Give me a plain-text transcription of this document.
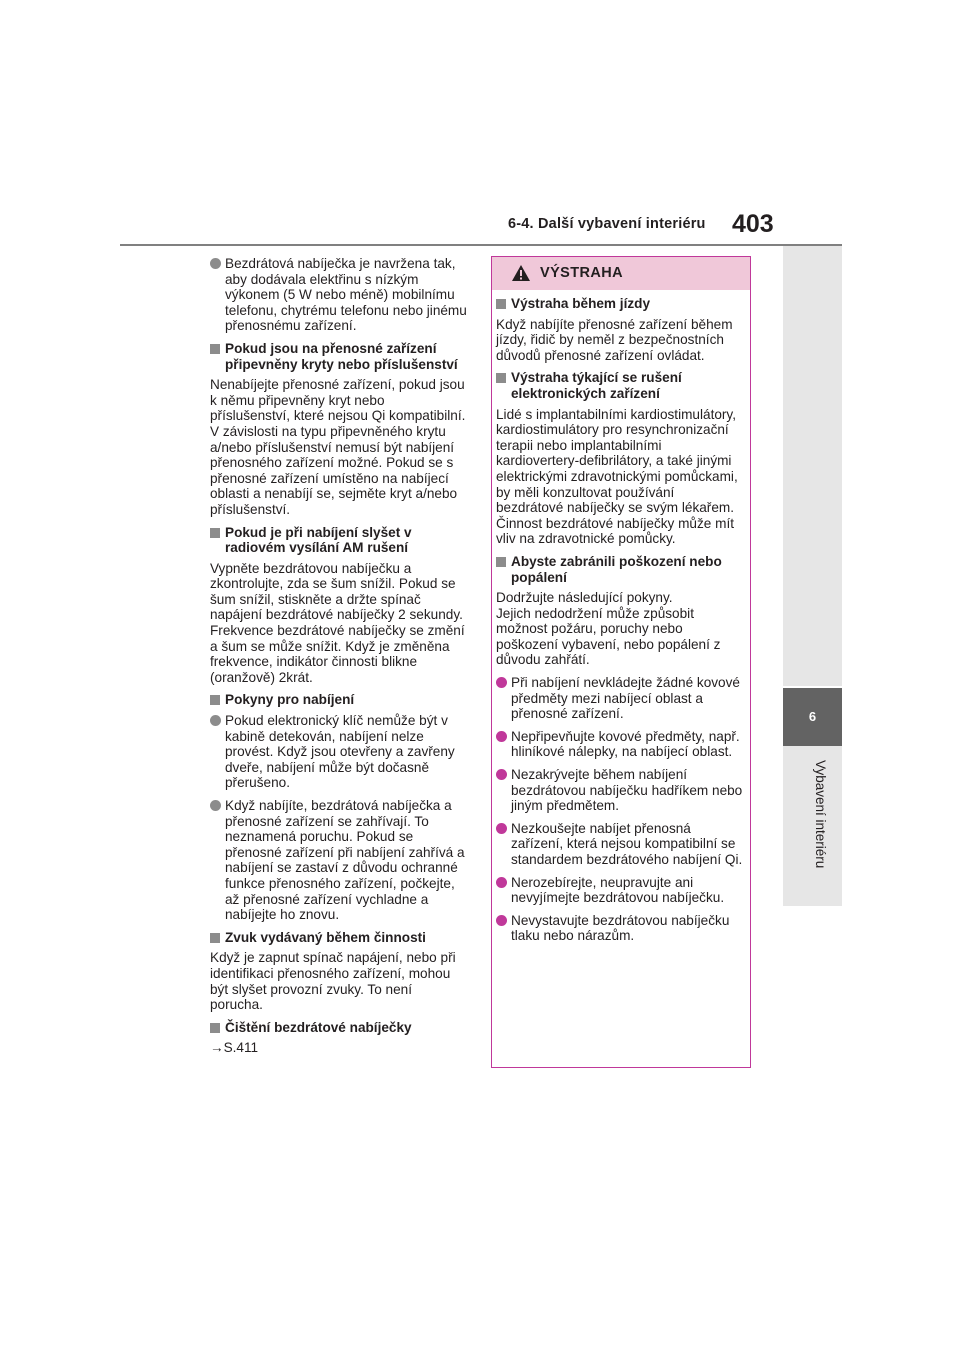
6-4. Další vybavení interiéru 403
6
Vybavení interiéru
Bezdrátová nabíječka je navržena tak, aby dodávala elektřinu s nízkým výkonem (5 W nebo méně) mobilnímu telefonu, chytrému telefonu nebo jinému přenosnému zařízení.
Pokud jsou na přenosné zařízení připevněny kryty nebo příslušenství

Nenabíjejte přenosné zařízení, pokud jsou k němu připevněny kryt nebo příslušenství, které nejsou Qi kompatibilní. V závislosti na typu připevněného krytu a/nebo příslušenství nemusí být nabíjení přenosného zařízení možné. Pokud se s přenosné zařízení umístěno na nabíjecí oblasti a nenabíjí se, sejměte kryt a/nebo příslušenství.

Pokud je při nabíjení slyšet v radiovém vysílání AM rušení

Vypněte bezdrátovou nabíječku a zkontrolujte, zda se šum snížil. Pokud se šum snížil, stiskněte a držte spínač napájení bezdrátové nabíječky 2 sekundy. Frekvence bezdrátové nabíječky se změní a šum se může snížit. Když je změněna frekvence, indikátor činnosti blikne (oranžově) 2krát.

Pokyny pro nabíjení
Pokud elektronický klíč nemůže být v kabině detekován, nabíjení nelze provést. Když jsou otevřeny a zavřeny dveře, nabíjení může být dočasně přerušeno.
Když nabíjíte, bezdrátová nabíječka a přenosné zařízení se zahřívají. To neznamená poruchu. Pokud se přenosné zařízení při nabíjení zahřívá a nabíjení se zastaví z důvodu ochranné funkce přenosného zařízení, počkejte, až přenosné zařízení vychladne a nabíjejte ho znovu.
Zvuk vydávaný během činnosti

Když je zapnut spínač napájení, nebo při identifikaci přenosného zařízení, mohou být slyšet provozní zvuky. To není porucha.

Čištění bezdrátové nabíječky

→S.411

VÝSTRAHA
Výstraha během jízdy

Když nabíjíte přenosné zařízení během jízdy, řidič by neměl z bezpečnostních důvodů přenosné zařízení ovládat.

Výstraha týkající se rušení elektronických zařízení

Lidé s implantabilními kardiostimulátory, kardiostimulátory pro resynchronizační terapii nebo implantabilními kardiovertery-defibrilátory, a také jinými elektrickými zdravotnickými pomůckami, by měli konzultovat používání bezdrátové nabíječky se svým lékařem.

Činnost bezdrátové nabíječky může mít vliv na zdravotnické pomůcky.

Abyste zabránili poškození nebo popálení

Dodržujte následující pokyny.

Jejich nedodržení může způsobit možnost požáru, poruchy nebo poškození vybavení, nebo popálení z důvodu zahřátí.

Při nabíjení nevkládejte žádné kovové předměty mezi nabíjecí oblast a přenosné zařízení.
Nepřipevňujte kovové předměty, např. hliníkové nálepky, na nabíjecí oblast.
Nezakrývejte během nabíjení bezdrátovou nabíječku hadříkem nebo jiným předmětem.
Nezkoušejte nabíjet přenosná zařízení, která nejsou kompatibilní se standardem bezdrátového nabíjení Qi.
Nerozebírejte, neupravujte ani nevyjímejte bezdrátovou nabíječku.
Nevystavujte bezdrátovou nabíječku tlaku nebo nárazům.
